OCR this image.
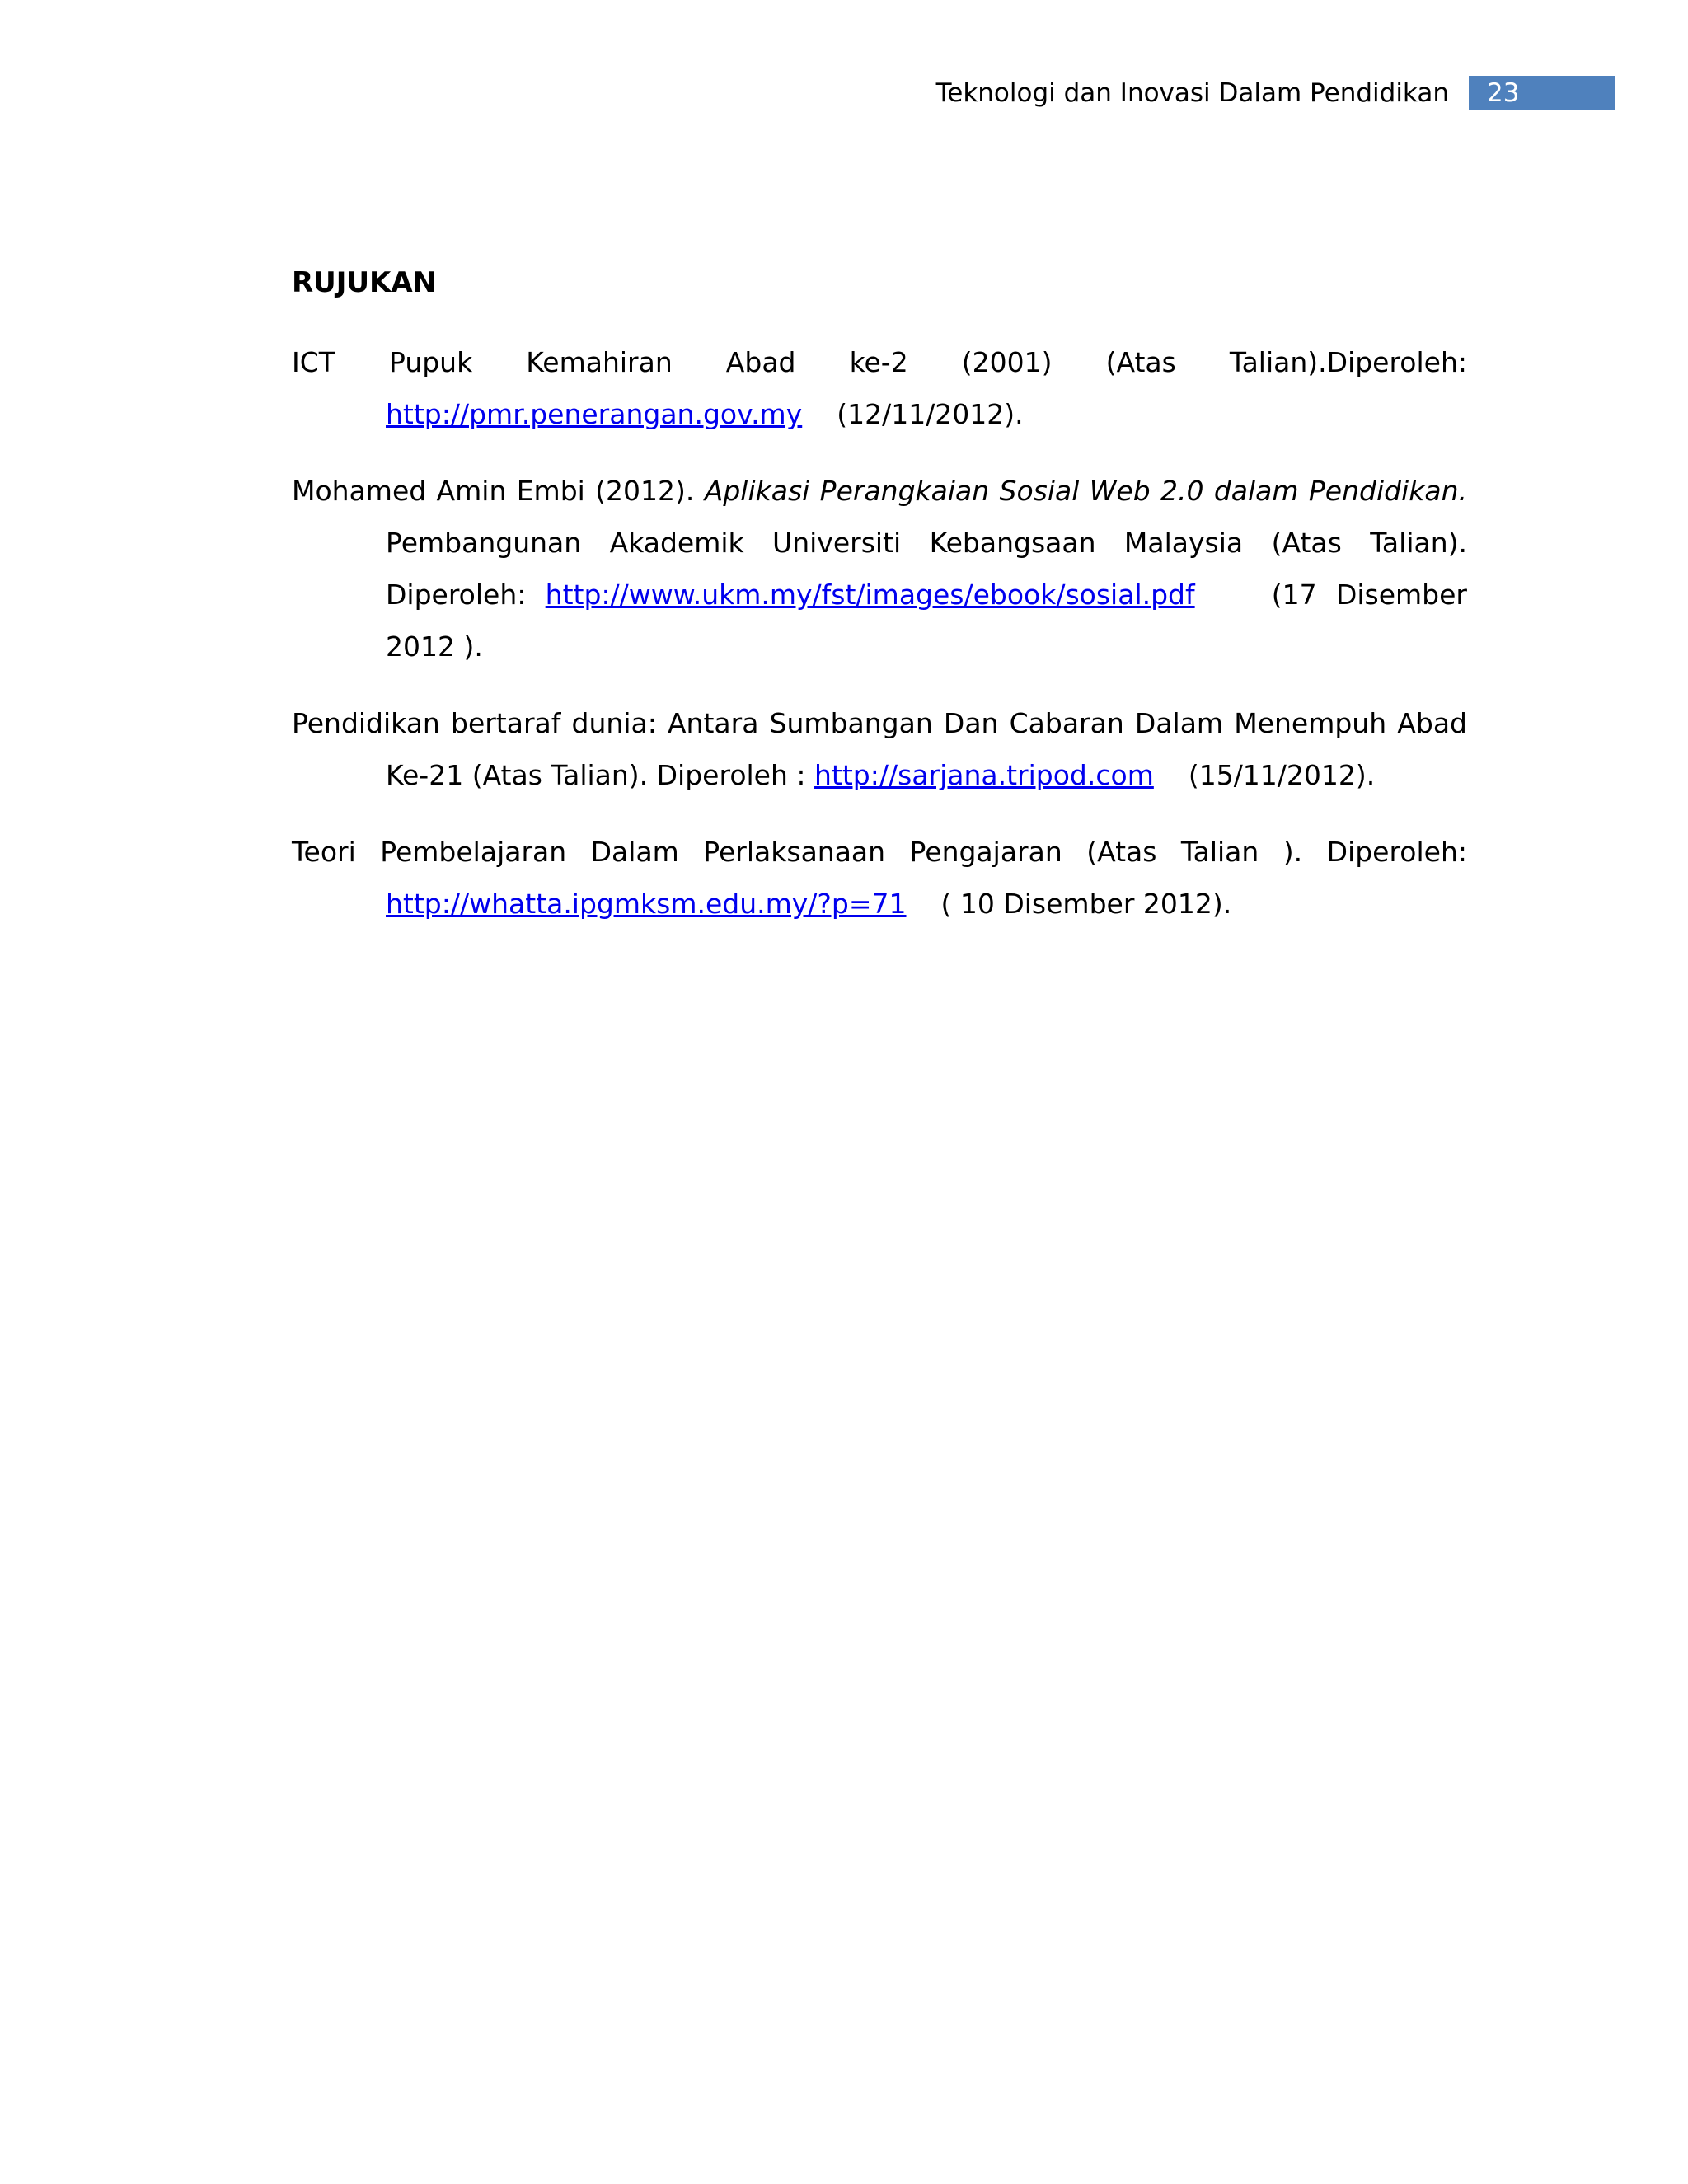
Teknologi dan Inovasi Dalam Pendidikan	23
RUJUKAN
ICT Pupuk Kemahiran Abad ke-2 (2001) (Atas Talian).Diperoleh:
http://pmr.penerangan.gov.my (12/11/2012).
Mohamed Amin Embi (2012). Aplikasi Perangkaian Sosial Web 2.0 dalam Pendidikan. Pembangunan Akademik Universiti Kebangsaan Malaysia (Atas Talian). Diperoleh: http://www.ukm.my/fst/images/ebook/sosial.pdf	(17 Disember 2012 ).
Pendidikan bertaraf dunia: Antara Sumbangan Dan Cabaran Dalam Menempuh Abad Ke-21 (Atas Talian). Diperoleh : http://sarjana.tripod.com (15/11/2012).
Teori Pembelajaran Dalam Perlaksanaan Pengajaran (Atas Talian ). Diperoleh:
http://whatta.ipgmksm.edu.my/?p=71 ( 10 Disember 2012).
